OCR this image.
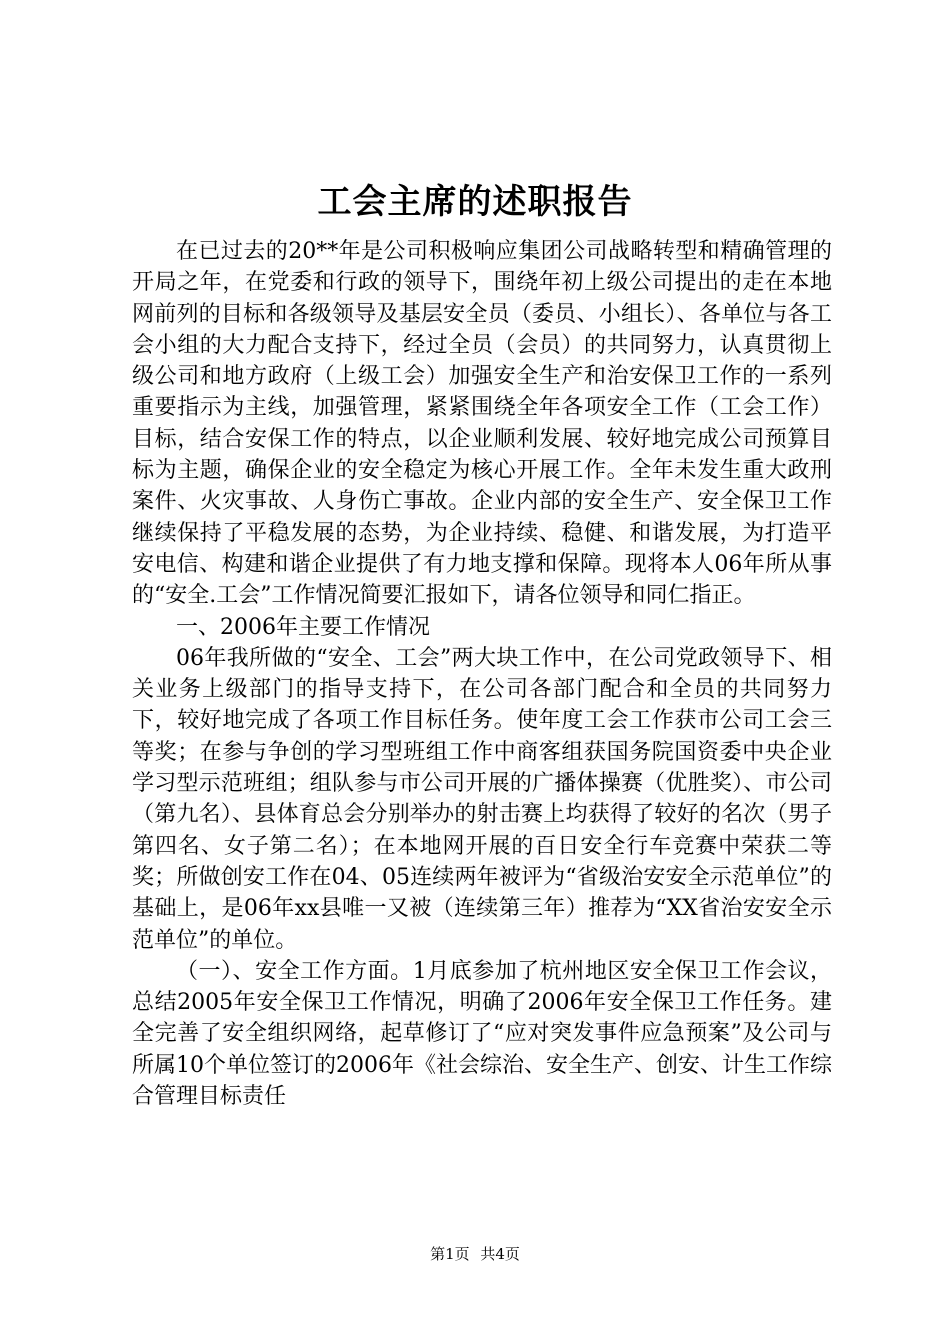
工会主席的述职报告

在已过去的20**年是公司积极响应集团公司战略转型和精确管理的开局之年，在党委和行政的领导下，围绕年初上级公司提出的走在本地网前列的目标和各级领导及基层安全员（委员、小组长）、各单位与各工会小组的大力配合支持下，经过全员（会员）的共同努力，认真贯彻上级公司和地方政府（上级工会）加强安全生产和治安保卫工作的一系列重要指示为主线，加强管理，紧紧围绕全年各项安全工作（工会工作）目标，结合安保工作的特点，以企业顺利发展、较好地完成公司预算目标为主题，确保企业的安全稳定为核心开展工作。全年未发生重大政刑案件、火灾事故、人身伤亡事故。企业内部的安全生产、安全保卫工作继续保持了平稳发展的态势，为企业持续、稳健、和谐发展，为打造平安电信、构建和谐企业提供了有力地支撑和保障。现将本人06年所从事的“安全.工会”工作情况简要汇报如下，请各位领导和同仁指正。

一、2006年主要工作情况

06年我所做的“安全、工会”两大块工作中，在公司党政领导下、相关业务上级部门的指导支持下，在公司各部门配合和全员的共同努力下，较好地完成了各项工作目标任务。使年度工会工作获市公司工会三等奖；在参与争创的学习型班组工作中商客组获国务院国资委中央企业学习型示范班组；组队参与市公司开展的广播体操赛（优胜奖）、市公司（第九名）、县体育总会分别举办的射击赛上均获得了较好的名次（男子第四名、女子第二名）；在本地网开展的百日安全行车竞赛中荣获二等奖；所做创安工作在04、05连续两年被评为“省级治安安全示范单位”的基础上，是06年xx县唯一又被（连续第三年）推荐为“XX省治安安全示范单位”的单位。

（一）、安全工作方面。1月底参加了杭州地区安全保卫工作会议，总结2005年安全保卫工作情况，明确了2006年安全保卫工作任务。建全完善了安全组织网络，起草修订了“应对突发事件应急预案”及公司与所属10个单位签订的2006年《社会综治、安全生产、创安、计生工作综合管理目标责任

第1页 共4页
